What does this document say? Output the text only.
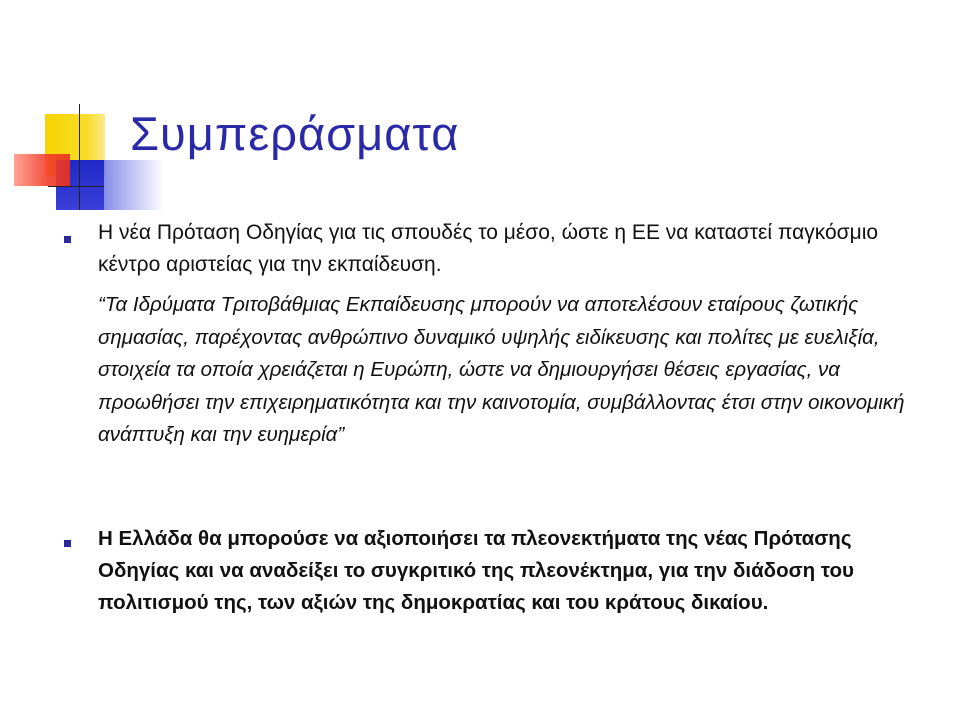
Συμπεράσματα
Η νέα Πρόταση Οδηγίας για τις σπουδές το μέσο, ώστε η ΕΕ να καταστεί παγκόσμιο κέντρο αριστείας για την εκπαίδευση.
“Τα Ιδρύματα Τριτοβάθμιας Εκπαίδευσης μπορούν να αποτελέσουν εταίρους ζωτικής σημασίας, παρέχοντας ανθρώπινο δυναμικό υψηλής ειδίκευσης και πολίτες με ευελιξία, στοιχεία τα οποία χρειάζεται η Ευρώπη, ώστε να δημιουργήσει θέσεις εργασίας, να προωθήσει την επιχειρηματικότητα και την καινοτομία, συμβάλλοντας έτσι στην οικονομική ανάπτυξη και την ευημερία”
Η Ελλάδα θα μπορούσε να αξιοποιήσει τα πλεονεκτήματα της νέας Πρότασης Οδηγίας και να αναδείξει το συγκριτικό της πλεονέκτημα, για την διάδοση του πολιτισμού της, των αξιών της δημοκρατίας και του κράτους δικαίου.
